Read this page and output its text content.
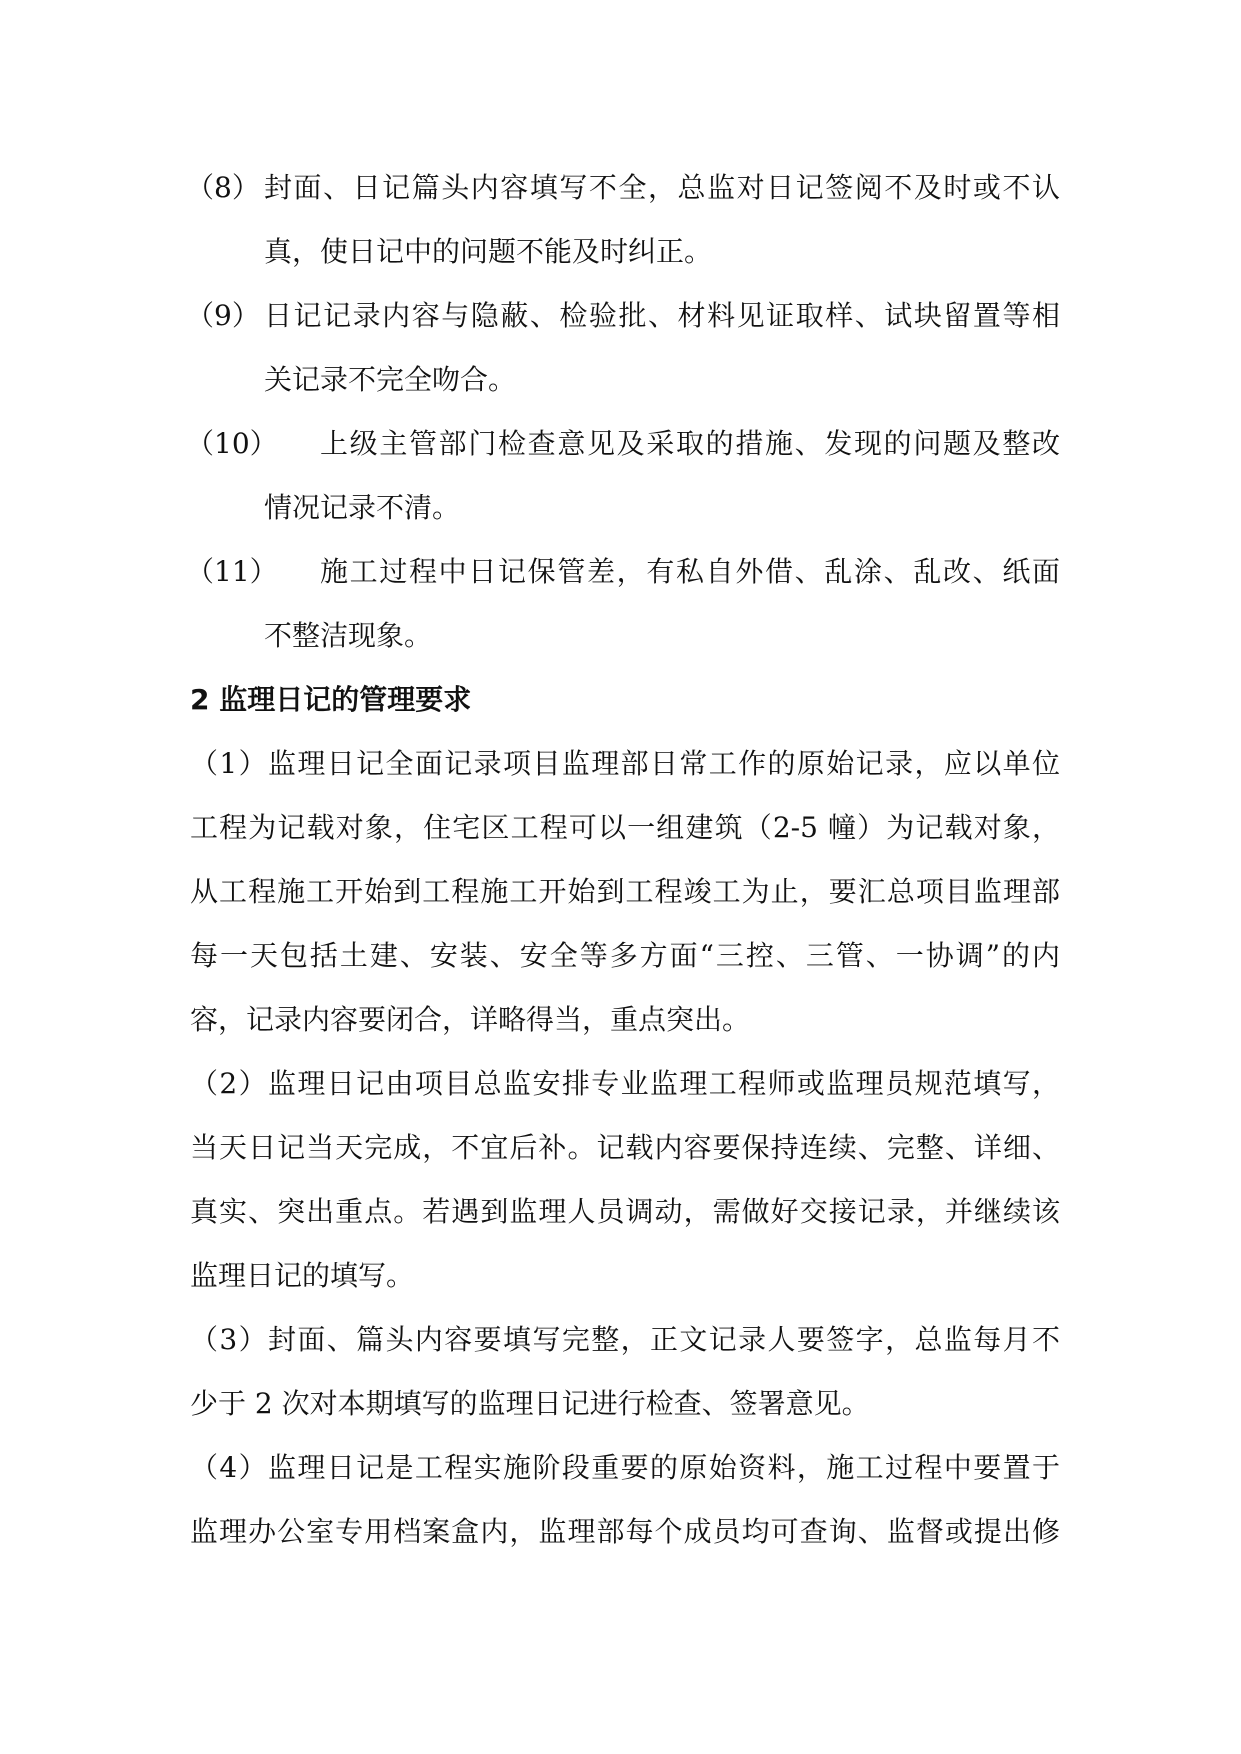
（8） 封面、日记篇头内容填写不全，总监对日记签阅不及时或不认
真，使日记中的问题不能及时纠正。
（9） 日记记录内容与隐蔽、检验批、材料见证取样、试块留置等相
关记录不完全吻合。
（10）	上级主管部门检查意见及采取的措施、发现的问题及整改
情况记录不清。
（11）	施工过程中日记保管差，有私自外借、乱涂、乱改、纸面
不整洁现象。
2 监理日记的管理要求

（1）监理日记全面记录项目监理部日常工作的原始记录，应以单位
工程为记载对象，住宅区工程可以一组建筑（2-5 幢）为记载对象，
从工程施工开始到工程施工开始到工程竣工为止，要汇总项目监理部
每一天包括土建、安装、安全等多方面“三控、三管、一协调”的内
容，记录内容要闭合，详略得当，重点突出。

（2）监理日记由项目总监安排专业监理工程师或监理员规范填写，
当天日记当天完成，不宜后补。记载内容要保持连续、完整、详细、
真实、突出重点。若遇到监理人员调动，需做好交接记录，并继续该
监理日记的填写。

（3）封面、篇头内容要填写完整，正文记录人要签字，总监每月不
少于 2 次对本期填写的监理日记进行检查、签署意见。

（4）监理日记是工程实施阶段重要的原始资料，施工过程中要置于
监理办公室专用档案盒内，监理部每个成员均可查询、监督或提出修
